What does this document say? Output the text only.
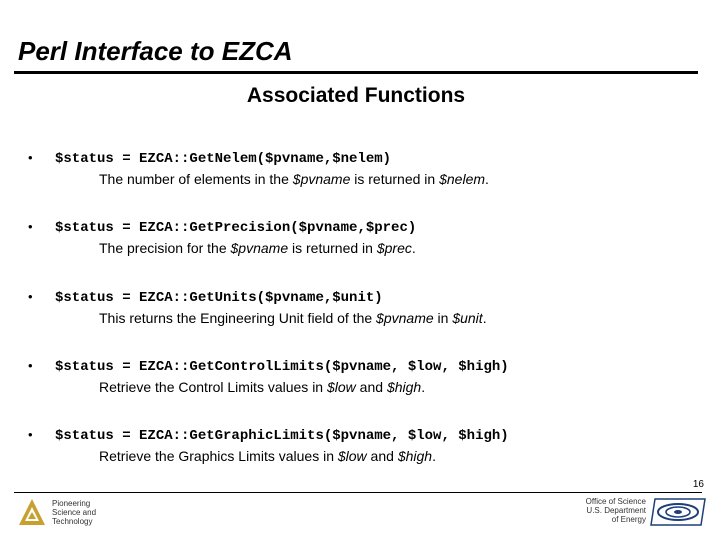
Perl Interface to EZCA
Associated Functions
• $status = EZCA::GetNelem($pvname,$nelem)
The number of elements in the $pvname is returned in $nelem.
• $status = EZCA::GetPrecision($pvname,$prec)
The precision for the $pvname is returned in $prec.
• $status = EZCA::GetUnits($pvname,$unit)
This returns the Engineering Unit field of the $pvname in $unit.
• $status = EZCA::GetControlLimits($pvname, $low, $high)
Retrieve the Control Limits values in $low and $high.
• $status = EZCA::GetGraphicLimits($pvname, $low, $high)
Retrieve the Graphics Limits values in $low and $high.
16
Pioneering
Science and
Technology
Office of Science
U.S. Department
of Energy
